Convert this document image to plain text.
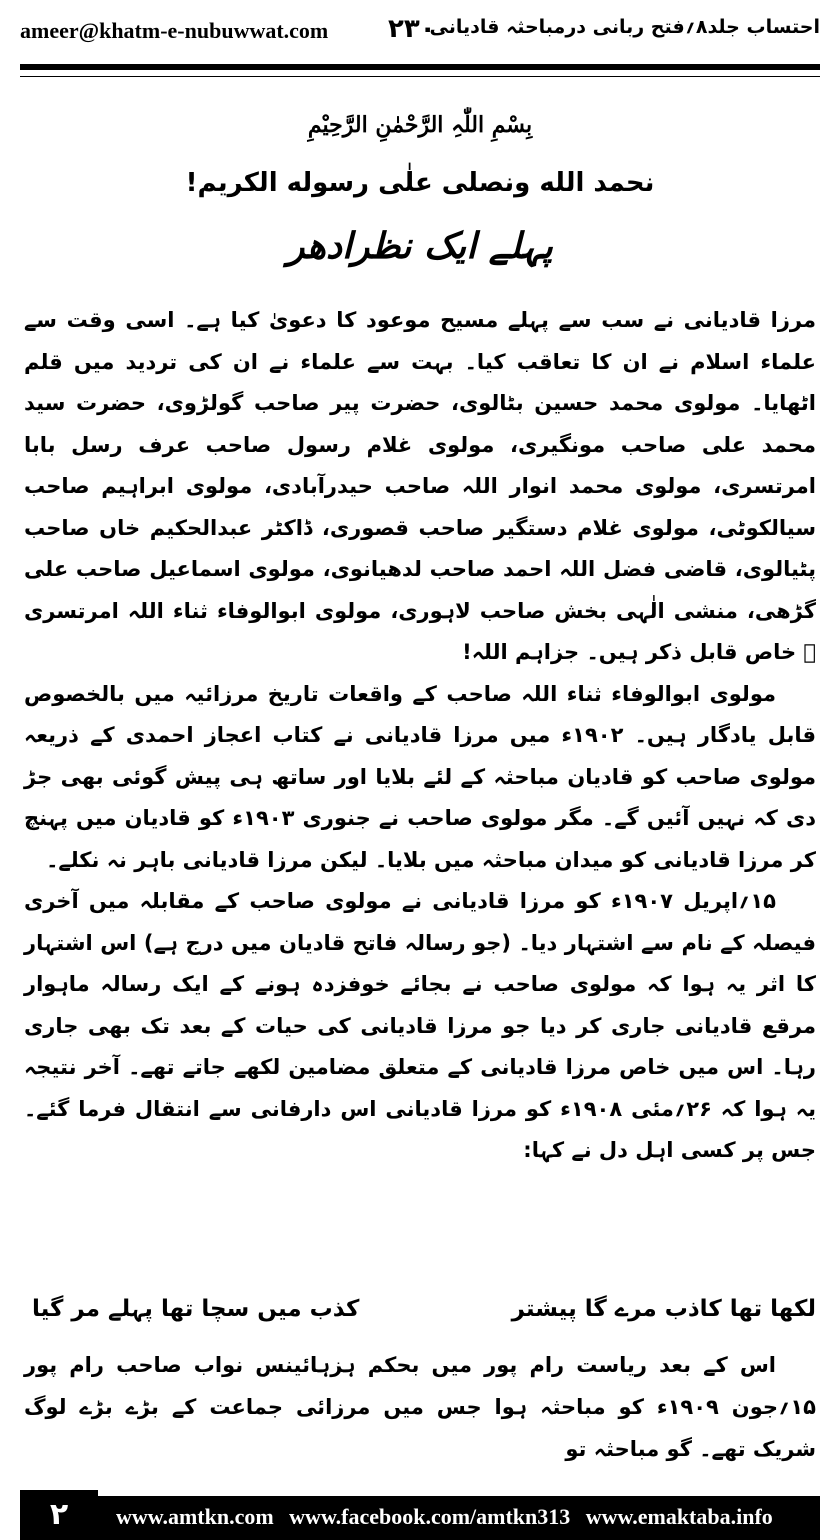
ameer@khatm-e-nubuwwat.com ۲۳۰
احتساب جلد۸؍فتح ربانی درمباحثہ قادیانی
بِسْمِ اللّٰہِ الرَّحْمٰنِ الرَّحِیْمِ
نحمد الله ونصلی علٰی رسوله الکریم!
پہلے ایک نظرادھر

مرزا قادیانی نے سب سے پہلے مسیح موعود کا دعویٰ کیا ہے۔ اسی وقت سے علماء اسلام نے ان کا تعاقب کیا۔ بہت سے علماء نے ان کی تردید میں قلم اٹھایا۔ مولوی محمد حسین بٹالوی، حضرت پیر صاحب گولڑوی، حضرت سید محمد علی صاحب مونگیری، مولوی غلام رسول صاحب عرف رسل بابا امرتسری، مولوی محمد انوار اللہ صاحب حیدرآبادی، مولوی ابراہیم صاحب سیالکوٹی، مولوی غلام دستگیر صاحب قصوری، ڈاکٹر عبدالحکیم خاں صاحب پٹیالوی، قاضی فضل اللہ احمد صاحب لدھیانوی، مولوی اسماعیل صاحب علی گڑھی، منشی الٰہی بخش صاحب لاہوری، مولوی ابوالوفاء ثناء اللہ امرتسری ﷫ خاص قابل ذکر ہیں۔ جزاہم اللہ!

مولوی ابوالوفاء ثناء اللہ صاحب کے واقعات تاریخ مرزائیہ میں بالخصوص قابل یادگار ہیں۔ ۱۹۰۲ء میں مرزا قادیانی نے کتاب اعجاز احمدی کے ذریعہ مولوی صاحب کو قادیان مباحثہ کے لئے بلایا اور ساتھ ہی پیش گوئی بھی جڑ دی کہ نہیں آئیں گے۔ مگر مولوی صاحب نے جنوری ۱۹۰۳ء کو قادیان میں پہنچ کر مرزا قادیانی کو میدان مباحثہ میں بلایا۔ لیکن مرزا قادیانی باہر نہ نکلے۔

۱۵؍اپریل ۱۹۰۷ء کو مرزا قادیانی نے مولوی صاحب کے مقابلہ میں آخری فیصلہ کے نام سے اشتہار دیا۔ (جو رسالہ فاتح قادیان میں درج ہے) اس اشتہار کا اثر یہ ہوا کہ مولوی صاحب نے بجائے خوفزدہ ہونے کے ایک رسالہ ماہوار مرقع قادیانی جاری کر دیا جو مرزا قادیانی کی حیات کے بعد تک بھی جاری رہا۔ اس میں خاص مرزا قادیانی کے متعلق مضامین لکھے جاتے تھے۔ آخر نتیجہ یہ ہوا کہ ۲۶؍مئی ۱۹۰۸ء کو مرزا قادیانی اس دارفانی سے انتقال فرما گئے۔ جس پر کسی اہل دل نے کہا:

لکھا تھا کاذب مرے گا پیشتر
کذب میں سچا تھا پہلے مر گیا

اس کے بعد ریاست رام پور میں بحکم ہزہائینس نواب صاحب رام پور ۱۵؍جون ۱۹۰۹ء کو مباحثہ ہوا جس میں مرزائی جماعت کے بڑے بڑے لوگ شریک تھے۔ گو مباحثہ تو

۲	www.amtkn.com www.facebook.com/amtkn313 www.emaktaba.info
